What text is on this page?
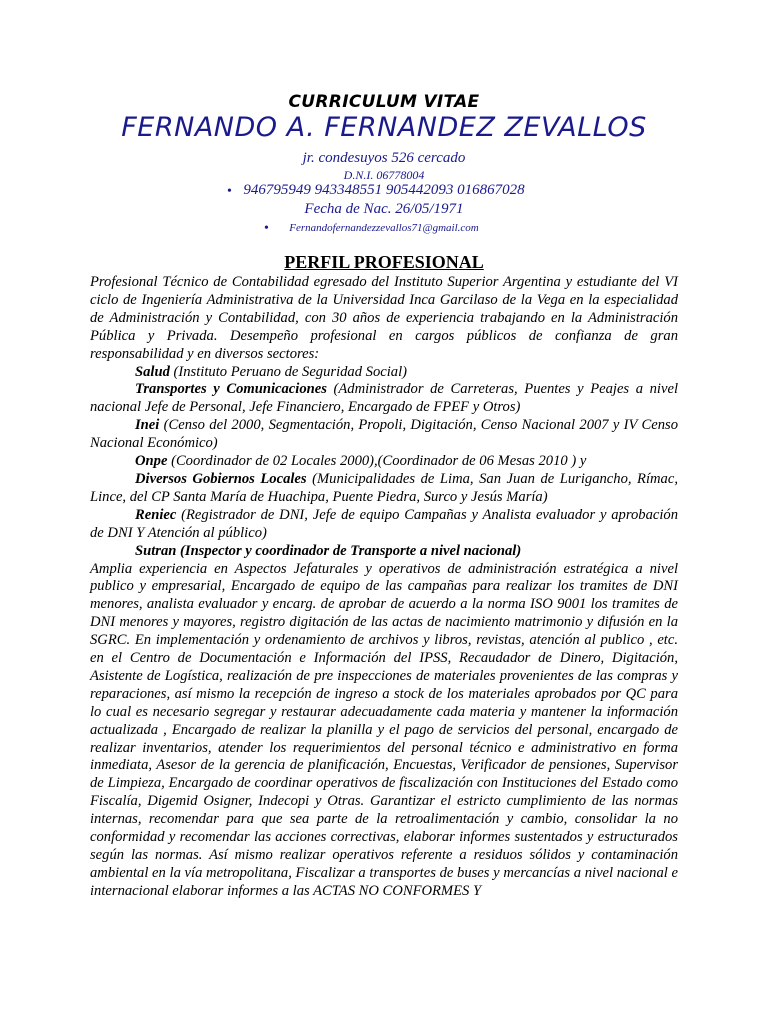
CURRICULUM VITAE
FERNANDO A. FERNANDEZ ZEVALLOS
jr. condesuyos 526 cercado
D.N.I. 06778004
• 946795949 943348551 905442093 016867028
Fecha de Nac. 26/05/1971
•	Fernandofernandezzevallos71@gmail.com
PERFIL PROFESIONAL

Profesional Técnico de Contabilidad egresado del Instituto Superior Argentina y estudiante del VI ciclo de Ingeniería Administrativa de la Universidad Inca Garcilaso de la Vega en la especialidad de Administración y Contabilidad, con 30 años de experiencia trabajando en la Administración Pública y Privada. Desempeño profesional en cargos públicos de confianza de gran responsabilidad y en diversos sectores:

Salud (Instituto Peruano de Seguridad Social)

Transportes y Comunicaciones (Administrador de Carreteras, Puentes y Peajes a nivel nacional Jefe de Personal, Jefe Financiero, Encargado de FPEF y Otros)

Inei (Censo del 2000, Segmentación, Propoli, Digitación, Censo Nacional 2007 y IV Censo Nacional Económico)

Onpe (Coordinador de 02 Locales 2000),(Coordinador de 06 Mesas 2010 ) y

Diversos Gobiernos Locales (Municipalidades de Lima, San Juan de Lurigancho, Rímac, Lince, del CP Santa María de Huachipa, Puente Piedra, Surco y Jesús María)

Reniec (Registrador de DNI, Jefe de equipo Campañas y Analista evaluador y aprobación de DNI Y Atención al público)

Sutran (Inspector y coordinador de Transporte a nivel nacional)

Amplia experiencia en Aspectos Jefaturales y operativos de administración estratégica a nivel publico y empresarial, Encargado de equipo de las campañas para realizar los tramites de DNI menores, analista evaluador y encarg. de aprobar de acuerdo a la norma ISO 9001 los tramites de DNI menores y mayores, registro digitación de las actas de nacimiento matrimonio y difusión en la SGRC. En implementación y ordenamiento de archivos y libros, revistas, atención al publico , etc. en el Centro de Documentación e Información del IPSS, Recaudador de Dinero, Digitación, Asistente de Logística, realización de pre inspecciones de materiales provenientes de las compras y reparaciones, así mismo la recepción de ingreso a stock de los materiales aprobados por QC para lo cual es necesario segregar y restaurar adecuadamente cada materia y mantener la información actualizada , Encargado de realizar la planilla y el pago de servicios del personal, encargado de realizar inventarios, atender los requerimientos del personal técnico e administrativo en forma inmediata, Asesor de la gerencia de planificación, Encuestas, Verificador de pensiones, Supervisor de Limpieza, Encargado de coordinar operativos de fiscalización con Instituciones del Estado como Fiscalía, Digemid Osigner, Indecopi y Otras. Garantizar el estricto cumplimiento de las normas internas, recomendar para que sea parte de la retroalimentación y cambio, consolidar la no conformidad y recomendar las acciones correctivas, elaborar informes sustentados y estructurados según las normas. Así mismo realizar operativos referente a residuos sólidos y contaminación ambiental en la vía metropolitana, Fiscalizar a transportes de buses y mercancías a nivel nacional e internacional elaborar informes a las ACTAS NO CONFORMES Y
